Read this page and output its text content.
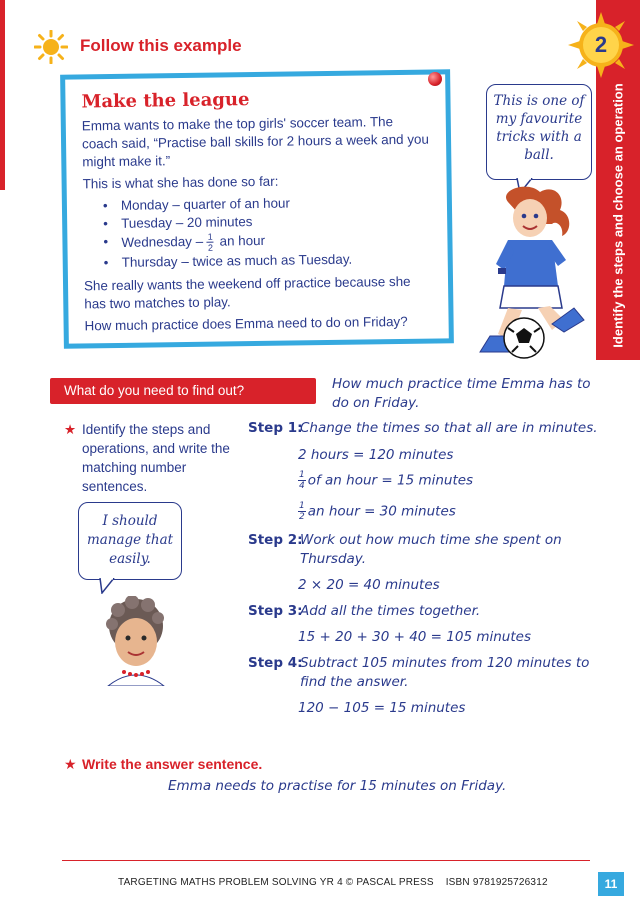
Follow this example
Identify the steps and choose an operation
2
Make the league

Emma wants to make the top girls' soccer team. The coach said, “Practise ball skills for 2 hours a week and you might make it.”

This is what she has done so far:

• Monday – quarter of an hour
• Tuesday – 20 minutes
• Wednesday – $\frac{1}{2}$ an hour
• Thursday – twice as much as Tuesday.

She really wants the weekend off practice because she has two matches to play.

How much practice does Emma need to do on Friday?

This is one of my favourite tricks with a ball.
What do you need to find out?	How much practice time Emma has to do on Friday.
★ Identify the steps and operations, and write the matching number sentences.
I should manage that easily.
Step 1:
Change the times so that all are in minutes.
2 hours = 120 minutes
$\frac{1}{4}$ of an hour = 15 minutes
$\frac{1}{2}$ an hour = 30 minutes
Step 2:
Work out how much time she spent on
Thursday.
2 × 20 = 40 minutes
Step 3:
Add all the times together.
15 + 20 + 30 + 40 = 105 minutes
Step 4:
Subtract 105 minutes from 120 minutes to
find the answer.
120 − 105 = 15 minutes
★ Write the answer sentence.
Emma needs to practise for 15 minutes on Friday.
TARGETING MATHS PROBLEM SOLVING YR 4 © PASCAL PRESS    ISBN 9781925726312	11
